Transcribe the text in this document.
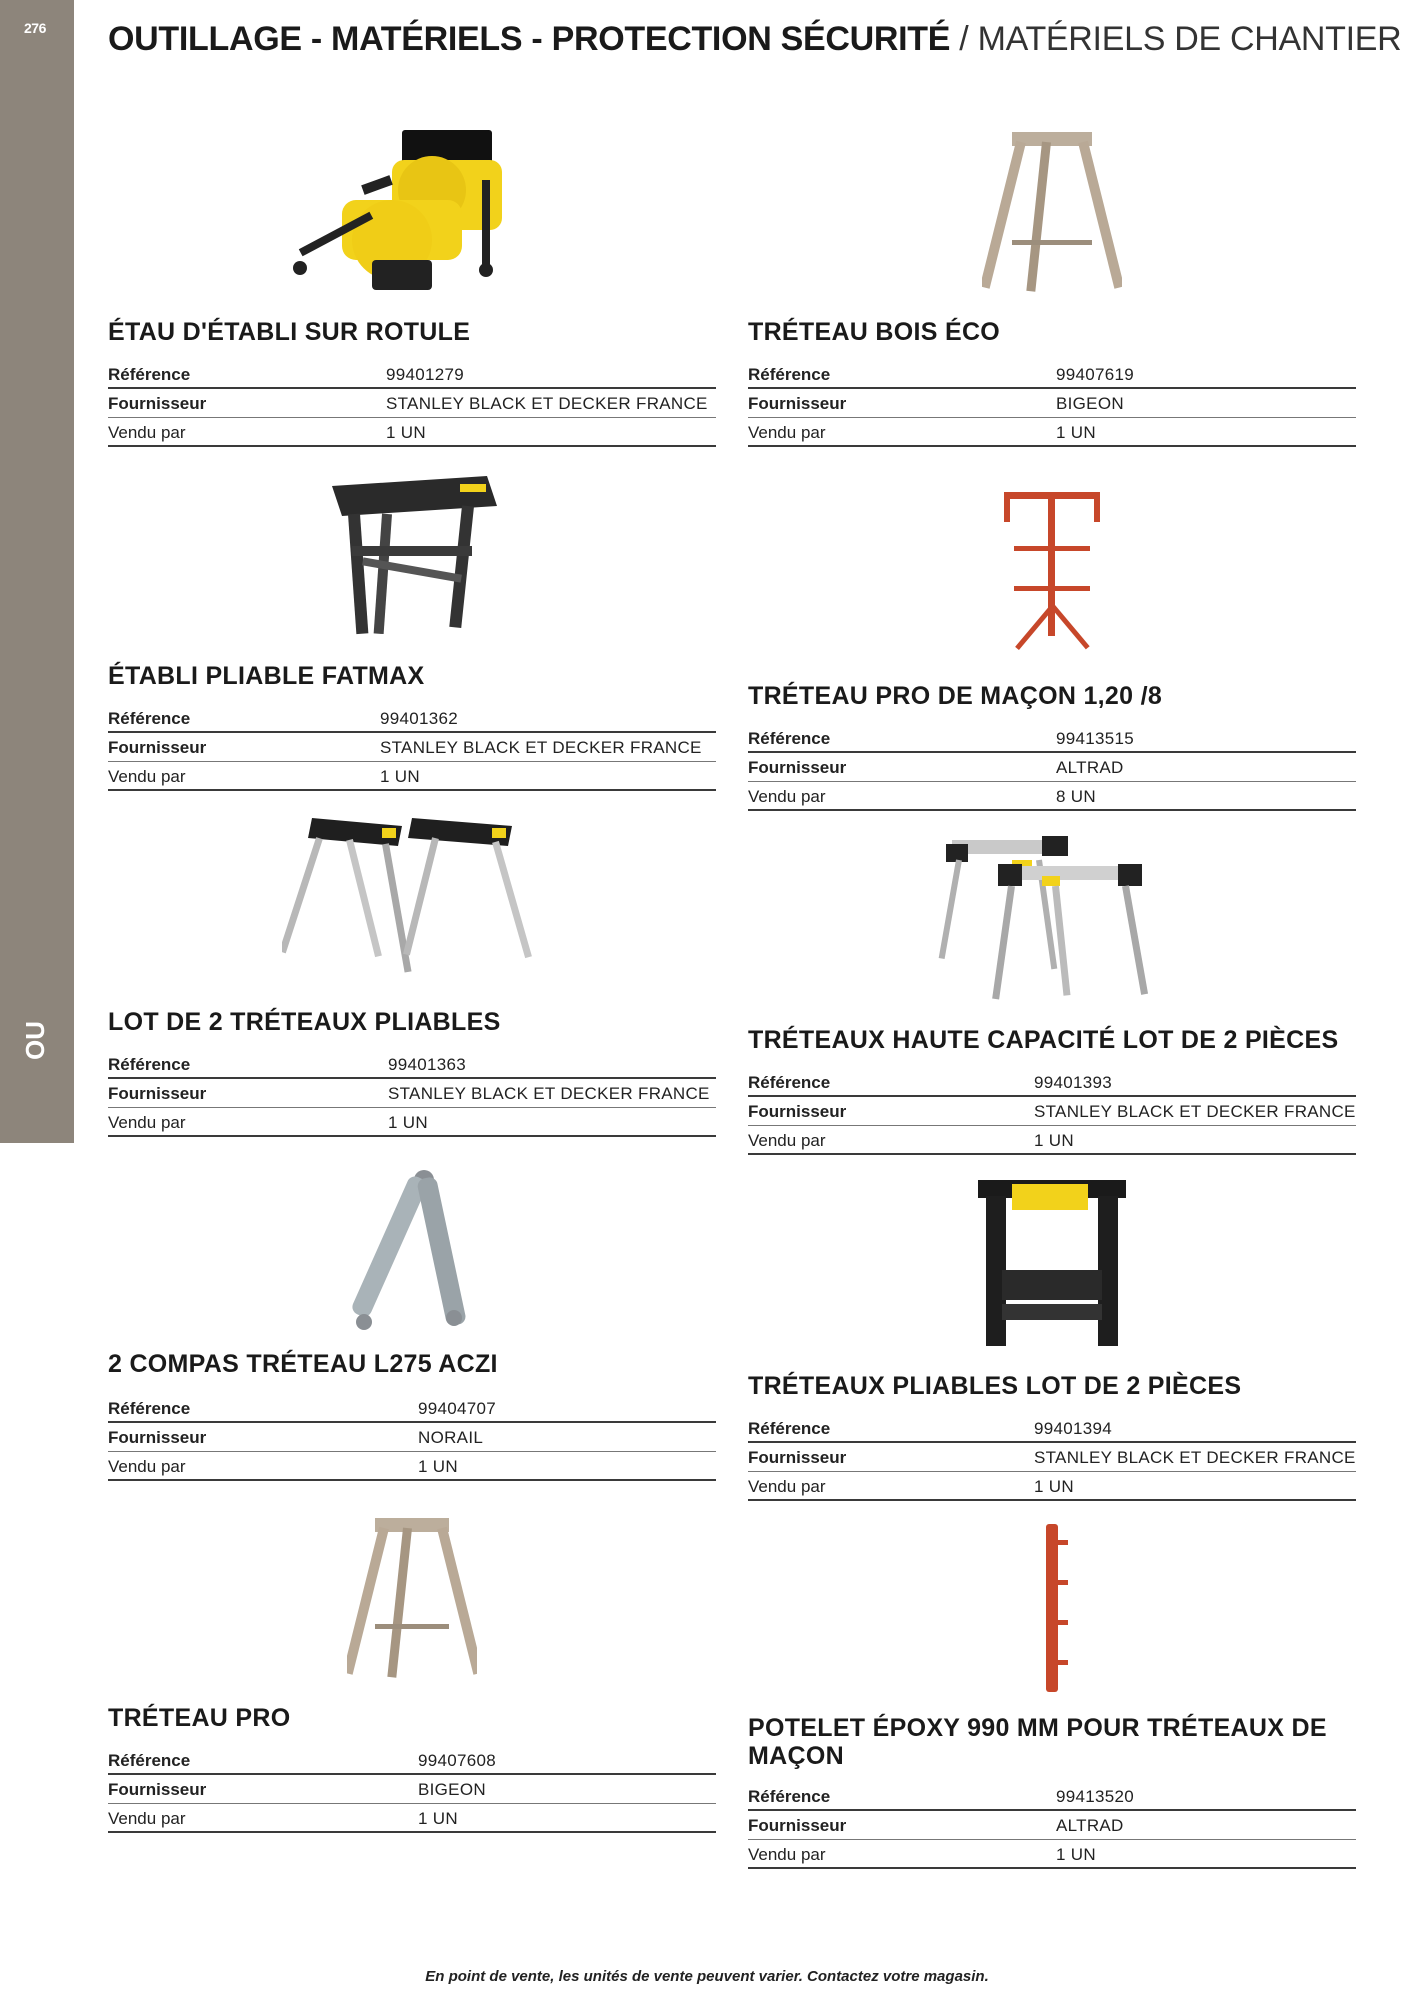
276
OU
OUTILLAGE - MATÉRIELS - PROTECTION SÉCURITÉ / MATÉRIELS DE CHANTIER
ÉTAU D'ÉTABLI SUR ROTULE
Référence	99401279
Fournisseur	STANLEY BLACK ET DECKER FRANCE
Vendu par	1 UN
TRÉTEAU BOIS ÉCO
Référence	99407619
Fournisseur	BIGEON
Vendu par	1 UN
ÉTABLI PLIABLE FATMAX
Référence	99401362
Fournisseur	STANLEY BLACK ET DECKER FRANCE
Vendu par	1 UN
TRÉTEAU PRO DE MAÇON 1,20 /8
Référence	99413515
Fournisseur	ALTRAD
Vendu par	8 UN
LOT DE 2 TRÉTEAUX PLIABLES
Référence	99401363
Fournisseur	STANLEY BLACK ET DECKER FRANCE
Vendu par	1 UN
TRÉTEAUX HAUTE CAPACITÉ LOT DE 2 PIÈCES
Référence	99401393
Fournisseur	STANLEY BLACK ET DECKER FRANCE
Vendu par	1 UN
2 COMPAS TRÉTEAU L275 ACZI
Référence	99404707
Fournisseur	NORAIL
Vendu par	1 UN
TRÉTEAUX PLIABLES LOT DE 2 PIÈCES
Référence	99401394
Fournisseur	STANLEY BLACK ET DECKER FRANCE
Vendu par	1 UN
TRÉTEAU PRO
Référence	99407608
Fournisseur	BIGEON
Vendu par	1 UN
POTELET ÉPOXY 990 MM POUR TRÉTEAUX DE MAÇON
Référence	99413520
Fournisseur	ALTRAD
Vendu par	1 UN
En point de vente, les unités de vente peuvent varier. Contactez votre magasin.
